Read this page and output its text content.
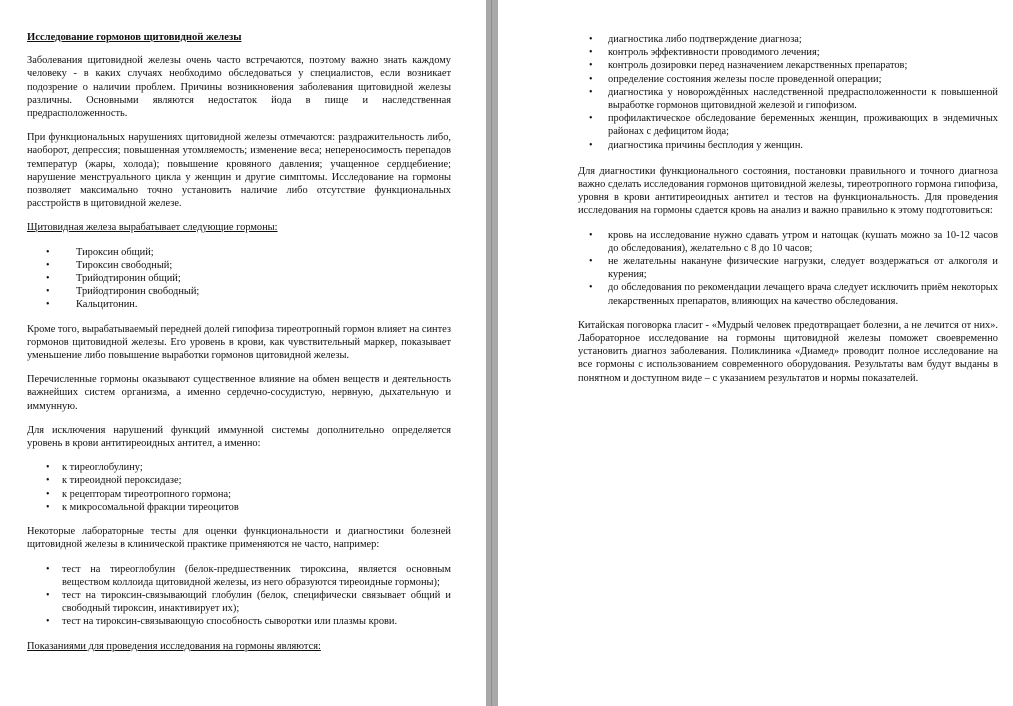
Исследование гормонов щитовидной железы

Заболевания щитовидной железы очень часто встречаются, поэтому важно знать каждому человеку - в каких случаях необходимо обследоваться у специалистов, если возникает подозрение о наличии проблем. Причины возникновения заболевания щитовидной железы различны. Основными являются недостаток йода в пище и наследственная предрасположенность.

При функциональных нарушениях щитовидной железы отмечаются: раздражительность либо, наоборот, депрессия; повышенная утомляемость; изменение веса; непереносимость перепадов температур (жары, холода); повышение кровяного давления; учащенное сердцебиение; нарушение менструального цикла у женщин и другие симптомы. Исследование на гормоны позволяет максимально точно установить наличие либо отсутствие функциональных расстройств в щитовидной железе.

Щитовидная железа вырабатывает следующие гормоны:

•	Тироксин общий;
•	Тироксин свободный;
•	Трийодтиронин общий;
•	Трийодтиронин свободный;
•	Кальцитонин.

Кроме того, вырабатываемый передней долей гипофиза тиреотропный гормон влияет на синтез гормонов щитовидной железы. Его уровень в крови, как чувствительный маркер, показывает уменьшение либо повышение выработки гормонов щитовидной железы.

Перечисленные гормоны оказывают существенное влияние на обмен веществ и деятельность важнейших систем организма, а именно сердечно-сосудистую, нервную, дыхательную и иммунную.

Для исключения нарушений функций иммунной системы дополнительно определяется уровень в крови антитиреоидных антител, а именно:

• к тиреоглобулину;
• к тиреоидной пероксидазе;
• к рецепторам тиреотропного гормона;
• к микросомальной фракции тиреоцитов

Некоторые лабораторные тесты для оценки функциональности и диагностики болезней щитовидной железы в клинической практике применяются не часто, например:

• тест на тиреоглобулин (белок-предшественник тироксина, является основным веществом коллоида щитовидной железы, из него образуются тиреоидные гормоны);
• тест на тироксин-связывающий глобулин (белок, специфически связывает общий и свободный тироксин, инактивирует их);
• тест на тироксин-связывающую способность сыворотки или плазмы крови.

Показаниями для проведения исследования на гормоны являются:

• диагностика либо подтверждение диагноза;
• контроль эффективности проводимого лечения;
• контроль дозировки перед назначением лекарственных препаратов;
• определение состояния железы после проведенной операции;
• диагностика у новорождённых наследственной предрасположенности к повышенной выработке гормонов щитовидной железой и гипофизом.
• профилактическое обследование беременных женщин, проживающих в эндемичных районах с дефицитом йода;
• диагностика причины бесплодия у женщин.

Для диагностики функционального состояния, постановки правильного и точного диагноза важно сделать исследования гормонов щитовидной железы, тиреотропного гормона гипофиза, уровня в крови антитиреоидных антител и тестов на функциональность. Для проведения исследования на гормоны сдается кровь на анализ и важно правильно к этому подготовиться:

• кровь на исследование нужно сдавать утром и натощак (кушать можно за 10-12 часов до обследования), желательно с 8 до 10 часов;
• не желательны накануне физические нагрузки, следует воздержаться от алкоголя и курения;
• до обследования по рекомендации лечащего врача следует исключить приём некоторых лекарственных препаратов, влияющих на качество обследования.

Китайская поговорка гласит - «Мудрый человек предотвращает болезни, а не лечится от них». Лабораторное исследование на гормоны щитовидной железы поможет своевременно установить диагноз заболевания. Поликлиника «Диамед» проводит полное исследование на все гормоны с использованием современного оборудования. Результаты вам будут выданы в понятном и доступном виде – с указанием результатов и нормы показателей.
